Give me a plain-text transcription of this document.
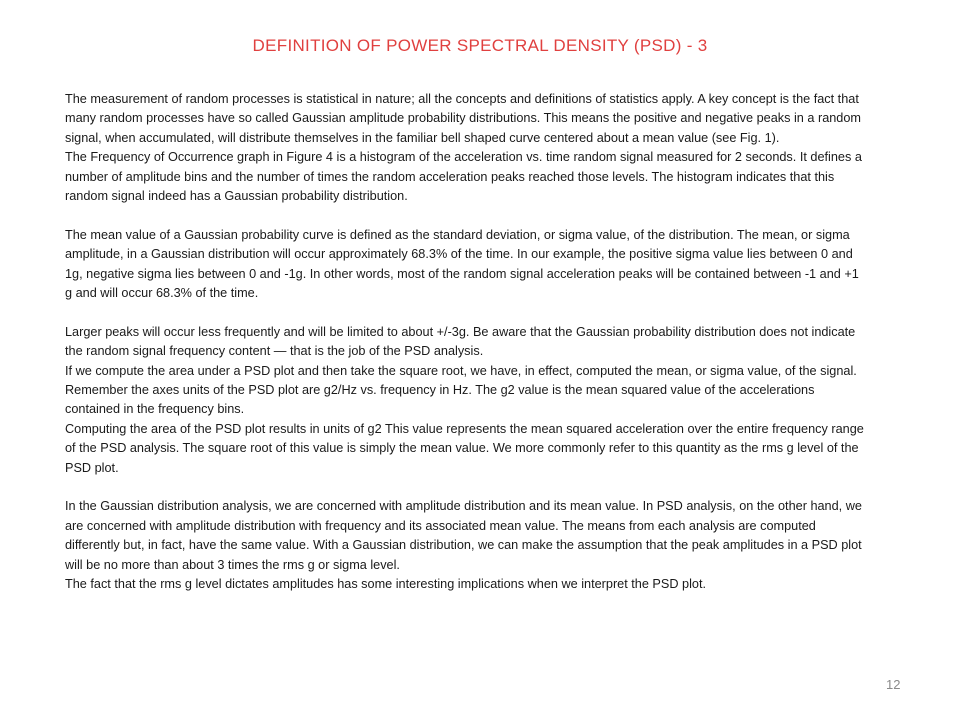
DEFINITION OF POWER SPECTRAL DENSITY (PSD) - 3

The measurement of random processes is statistical in nature; all the concepts and definitions of statistics apply. A key concept is the fact that many random processes have so called Gaussian amplitude probability distributions. This means the positive and negative peaks in a random signal, when accumulated, will distribute themselves in the familiar bell shaped curve centered about a mean value (see Fig. 1).

The Frequency of Occurrence graph in Figure 4 is a histogram of the acceleration vs. time random signal measured for 2 seconds. It defines a number of amplitude bins and the number of times the random acceleration peaks reached those levels. The histogram indicates that this random signal indeed has a Gaussian probability distribution.

The mean value of a Gaussian probability curve is defined as the standard deviation, or sigma value, of the distribution. The mean, or sigma amplitude, in a Gaussian distribution will occur approximately 68.3% of the time. In our example, the positive sigma value lies between 0 and 1g, negative sigma lies between 0 and -1g. In other words, most of the random signal acceleration peaks will be contained between -1 and +1 g and will occur 68.3% of the time.

Larger peaks will occur less frequently and will be limited to about +/-3g. Be aware that the Gaussian probability distribution does not indicate the random signal frequency content — that is the job of the PSD analysis.

If we compute the area under a PSD plot and then take the square root, we have, in effect, computed the mean, or sigma value, of the signal. Remember the axes units of the PSD plot are g2/Hz vs. frequency in Hz. The g2 value is the mean squared value of the accelerations contained in the frequency bins.

Computing the area of the PSD plot results in units of g2 This value represents the mean squared acceleration over the entire frequency range of the PSD analysis. The square root of this value is simply the mean value. We more commonly refer to this quantity as the rms g level of the PSD plot.

In the Gaussian distribution analysis, we are concerned with amplitude distribution and its mean value. In PSD analysis, on the other hand, we are concerned with amplitude distribution with frequency and its associated mean value. The means from each analysis are computed differently but, in fact, have the same value. With a Gaussian distribution, we can make the assumption that the peak amplitudes in a PSD plot will be no more than about 3 times the rms g or sigma level.

The fact that the rms g level dictates amplitudes has some interesting implications when we interpret the PSD plot.

12
